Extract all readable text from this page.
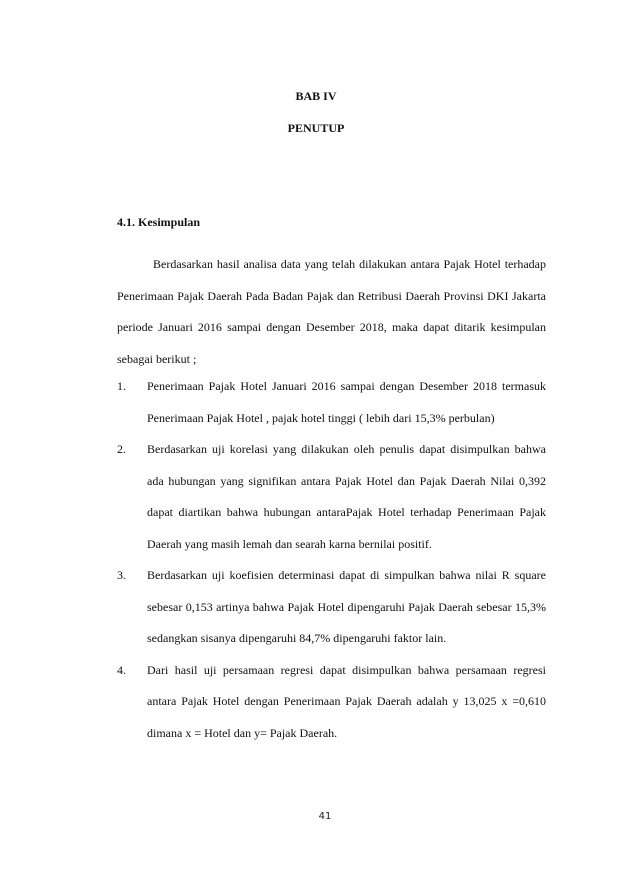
BAB IV
PENUTUP
4.1. Kesimpulan

Berdasarkan hasil analisa data yang telah dilakukan antara Pajak Hotel terhadap Penerimaan Pajak Daerah Pada Badan Pajak dan Retribusi Daerah Provinsi DKI Jakarta periode Januari 2016 sampai dengan Desember 2018, maka dapat ditarik kesimpulan sebagai berikut ;

1. Penerimaan Pajak Hotel Januari 2016 sampai dengan Desember 2018 termasuk Penerimaan Pajak Hotel , pajak hotel tinggi ( lebih dari 15,3% perbulan)
2. Berdasarkan uji korelasi yang dilakukan oleh penulis dapat disimpulkan bahwa ada hubungan yang signifikan antara Pajak Hotel dan Pajak Daerah Nilai 0,392 dapat diartikan bahwa hubungan antaraPajak Hotel terhadap Penerimaan Pajak Daerah yang masih lemah dan searah karna bernilai positif.
3. Berdasarkan uji koefisien determinasi dapat di simpulkan bahwa nilai R square sebesar 0,153 artinya bahwa Pajak Hotel dipengaruhi Pajak Daerah sebesar 15,3% sedangkan sisanya dipengaruhi 84,7% dipengaruhi faktor lain.
4. Dari hasil uji persamaan regresi dapat disimpulkan bahwa persamaan regresi antara Pajak Hotel dengan Penerimaan Pajak Daerah adalah y 13,025 x =0,610 dimana x = Hotel dan y= Pajak Daerah.
41
